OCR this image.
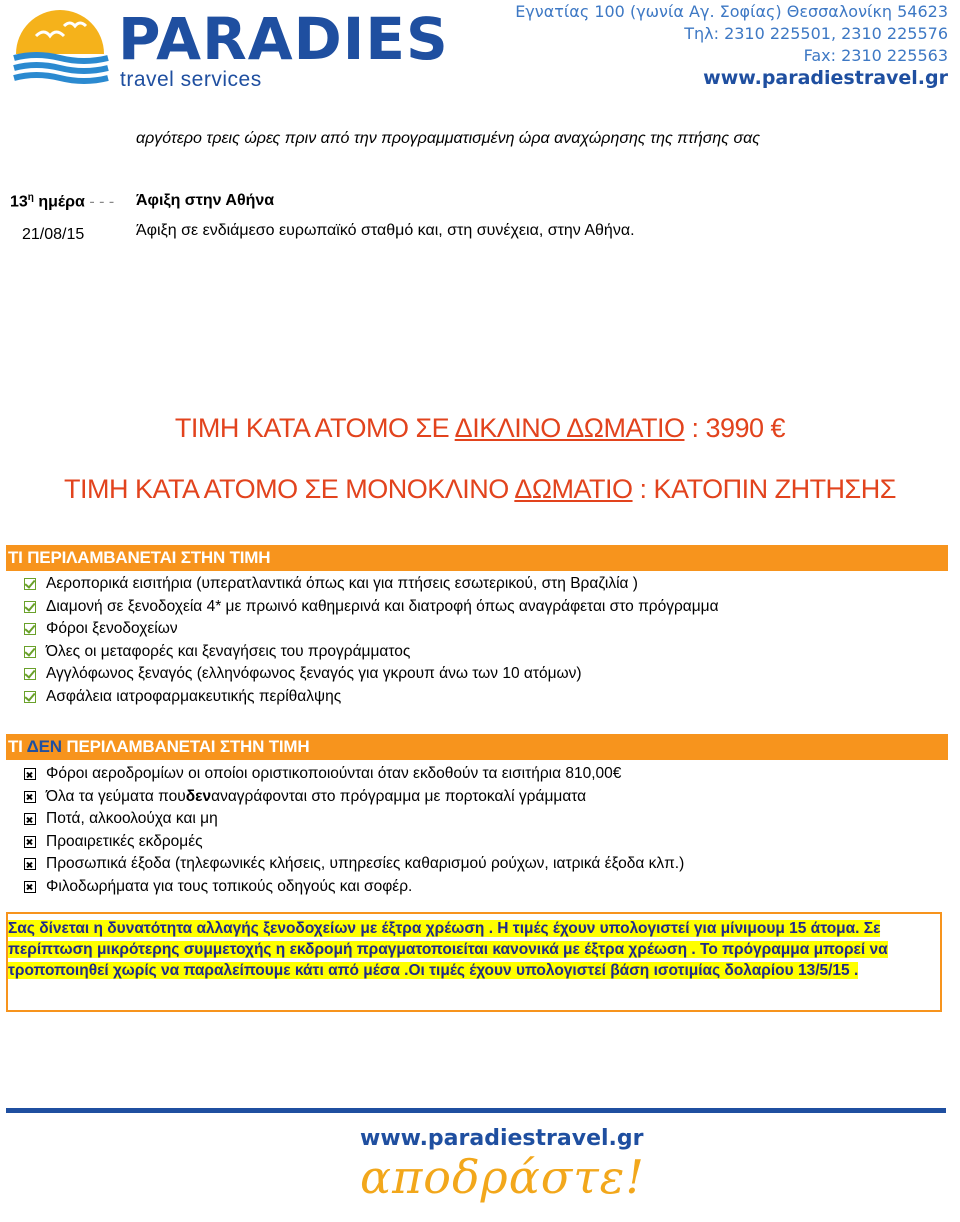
PARADIES
travel services
Εγνατίας 100 (γωνία Αγ. Σοφίας) Θεσσαλονίκη 54623
Τηλ: 2310 225501, 2310 225576
Fax: 2310 225563
www.paradiestravel.gr
αργότερο τρεις ώρες πριν από την προγραμματισμένη ώρα αναχώρησης της πτήσης σας
$13^\eta$ ημέρα - - - Άφιξη στην Αθήνα
21/08/15	Άφιξη σε ενδιάμεσο ευρωπαϊκό σταθμό και, στη συνέχεια, στην Αθήνα.
ΤΙΜΗ ΚΑΤΑ ΑΤΟΜΟ ΣΕ ΔΙΚΛΙΝΟ ΔΩΜΑΤΙΟ : 3990 €
ΤΙΜΗ ΚΑΤΑ ΑΤΟΜΟ ΣΕ ΜΟΝΟΚΛΙΝΟ ΔΩΜΑΤΙΟ : ΚΑΤΟΠΙΝ ΖΗΤΗΣΗΣ
ΤΙ ΠΕΡΙΛΑΜΒΑΝΕΤΑΙ ΣΤΗΝ ΤΙΜΗ
Αεροπορικά εισιτήρια (υπερατλαντικά όπως και για πτήσεις εσωτερικού, στη Βραζιλία )
Διαμονή σε ξενοδοχεία 4* με πρωινό καθημερινά και διατροφή όπως αναγράφεται στο πρόγραμμα
Φόροι ξενοδοχείων
Όλες οι μεταφορές και ξεναγήσεις του προγράμματος
Αγγλόφωνος ξεναγός (ελληνόφωνος ξεναγός για γκρουπ άνω των 10 ατόμων)
Ασφάλεια ιατροφαρμακευτικής περίθαλψης
ΤΙ ΔΕΝ ΠΕΡΙΛΑΜΒΑΝΕΤΑΙ ΣΤΗΝ ΤΙΜΗ
Φόροι αεροδρομίων οι οποίοι οριστικοποιούνται όταν εκδοθούν τα εισιτήρια 810,00€
Όλα τα γεύματα που δεν αναγράφονται στο πρόγραμμα με πορτοκαλί γράμματα
Ποτά, αλκοολούχα και μη
Προαιρετικές εκδρομές
Προσωπικά έξοδα (τηλεφωνικές κλήσεις, υπηρεσίες καθαρισμού ρούχων, ιατρικά έξοδα κλπ.)
Φιλοδωρήματα για τους τοπικούς οδηγούς και σοφέρ.
Σας δίνεται η δυνατότητα αλλαγής ξενοδοχείων με έξτρα χρέωση . Η τιμές έχουν υπολογιστεί για μίνιμουμ 15 άτομα. Σε
περίπτωση μικρότερης συμμετοχής η εκδρομή πραγματοποιείται κανονικά με έξτρα χρέωση . Το πρόγραμμα μπορεί να
τροποποιηθεί χωρίς να παραλείπουμε κάτι από μέσα .Οι τιμές έχουν υπολογιστεί βάση ισοτιμίας δολαρίου 13/5/15 .
www.paradiestravel.gr
αποδράστε!
